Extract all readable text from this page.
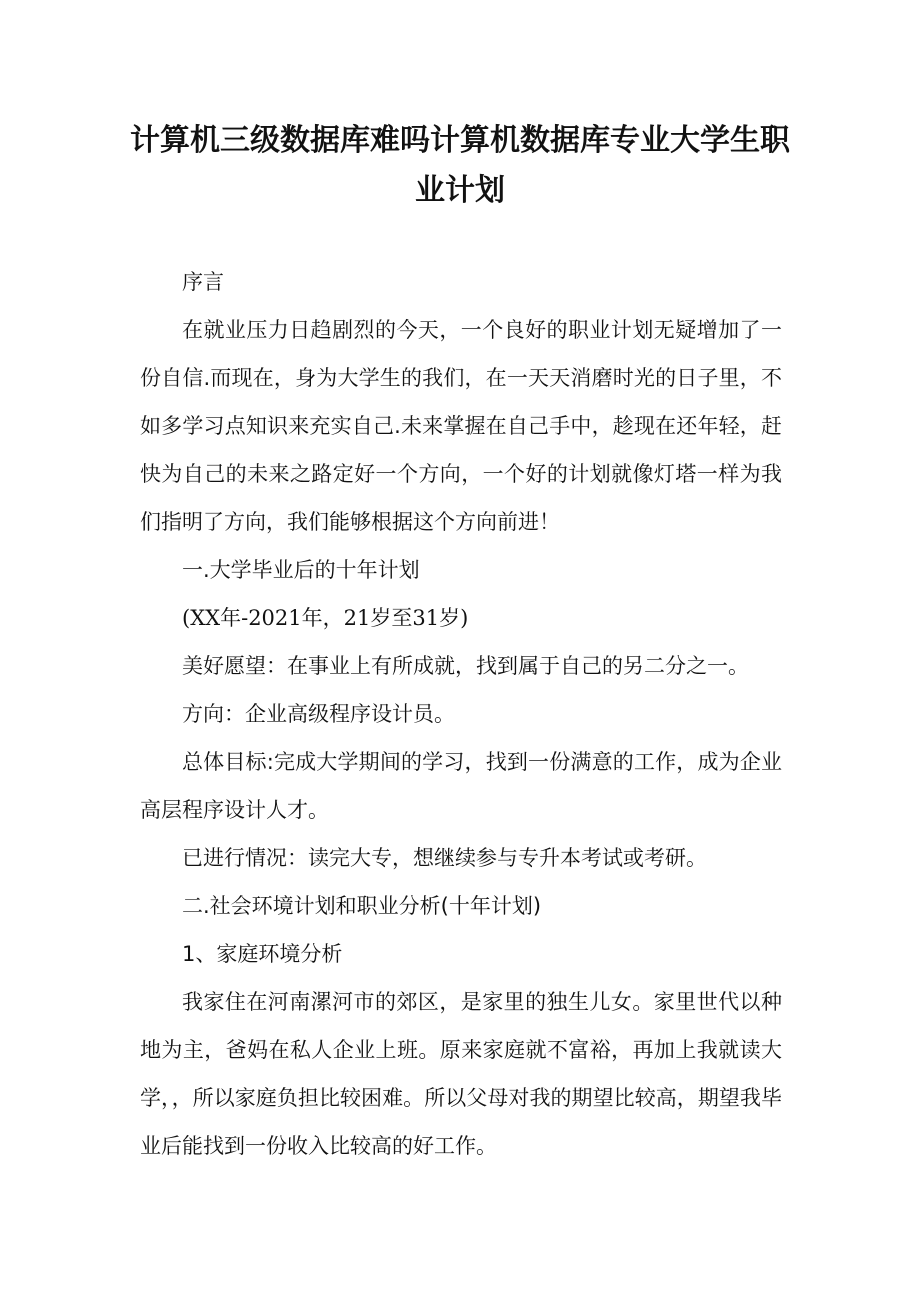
计算机三级数据库难吗计算机数据库专业大学生职业计划

序言

在就业压力日趋剧烈的今天，一个良好的职业计划无疑增加了一份自信.而现在，身为大学生的我们，在一天天消磨时光的日子里，不如多学习点知识来充实自己.未来掌握在自己手中，趁现在还年轻，赶快为自己的未来之路定好一个方向，一个好的计划就像灯塔一样为我们指明了方向，我们能够根据这个方向前进！

一.大学毕业后的十年计划

(XX年-2021年，21岁至31岁)

美好愿望：在事业上有所成就，找到属于自己的另二分之一。

方向：企业高级程序设计员。

总体目标:完成大学期间的学习，找到一份满意的工作，成为企业高层程序设计人才。

已进行情况：读完大专，想继续参与专升本考试或考研。

二.社会环境计划和职业分析(十年计划)

1、家庭环境分析

我家住在河南漯河市的郊区，是家里的独生儿女。家里世代以种地为主，爸妈在私人企业上班。原来家庭就不富裕，再加上我就读大学，，所以家庭负担比较困难。所以父母对我的期望比较高，期望我毕业后能找到一份收入比较高的好工作。
